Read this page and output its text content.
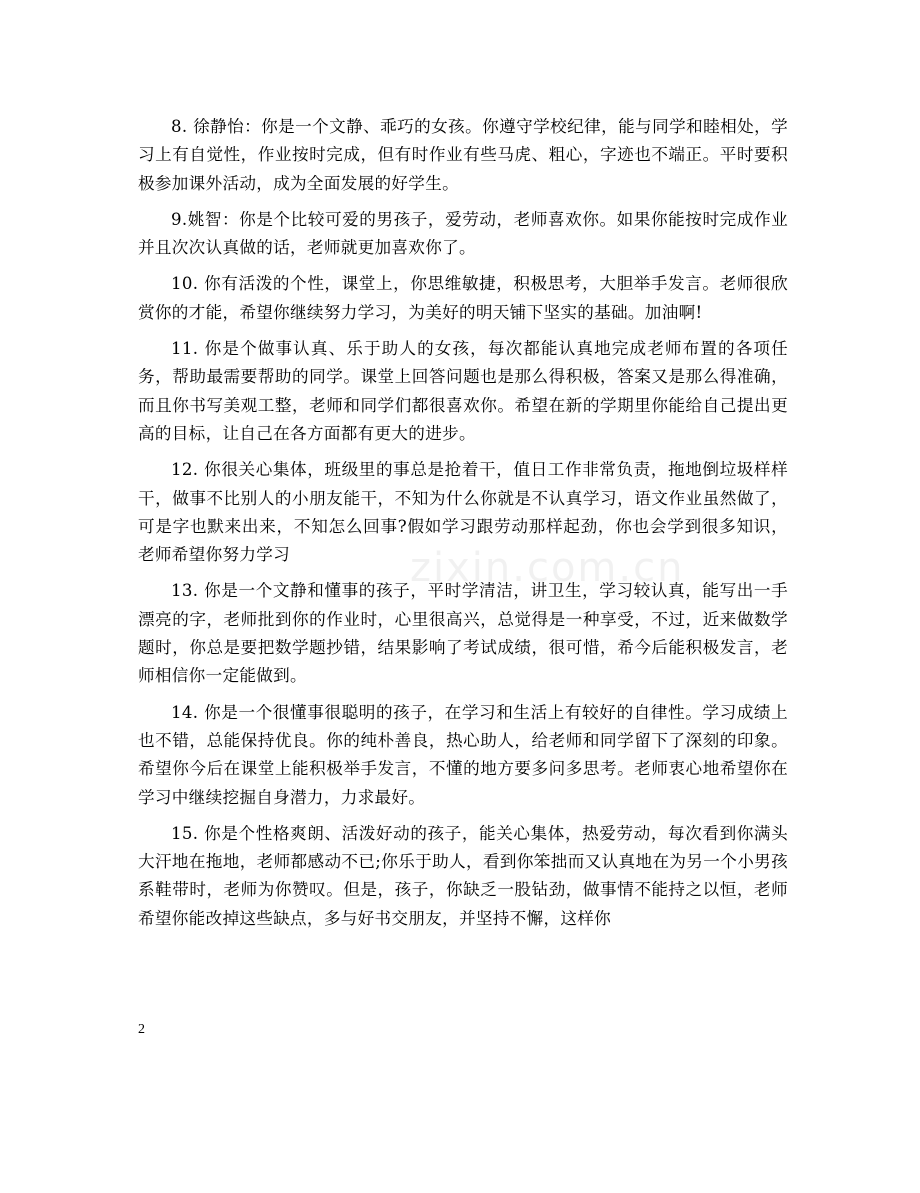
8. 徐静怡：你是一个文静、乖巧的女孩。你遵守学校纪律，能与同学和睦相处，学习上有自觉性，作业按时完成，但有时作业有些马虎、粗心，字迹也不端正。平时要积极参加课外活动，成为全面发展的好学生。

9.姚智：你是个比较可爱的男孩子，爱劳动，老师喜欢你。如果你能按时完成作业并且次次认真做的话，老师就更加喜欢你了。

10. 你有活泼的个性，课堂上，你思维敏捷，积极思考，大胆举手发言。老师很欣赏你的才能，希望你继续努力学习，为美好的明天铺下坚实的基础。加油啊!

11. 你是个做事认真、乐于助人的女孩，每次都能认真地完成老师布置的各项任务，帮助最需要帮助的同学。课堂上回答问题也是那么得积极，答案又是那么得准确，而且你书写美观工整，老师和同学们都很喜欢你。希望在新的学期里你能给自己提出更高的目标，让自己在各方面都有更大的进步。

12. 你很关心集体，班级里的事总是抢着干，值日工作非常负责，拖地倒垃圾样样干，做事不比别人的小朋友能干，不知为什么你就是不认真学习，语文作业虽然做了，可是字也默来出来，不知怎么回事?假如学习跟劳动那样起劲，你也会学到很多知识，老师希望你努力学习

13. 你是一个文静和懂事的孩子，平时学清洁，讲卫生，学习较认真，能写出一手漂亮的字，老师批到你的作业时，心里很高兴，总觉得是一种享受，不过，近来做数学题时，你总是要把数学题抄错，结果影响了考试成绩，很可惜，希今后能积极发言，老师相信你一定能做到。

14. 你是一个很懂事很聪明的孩子，在学习和生活上有较好的自律性。学习成绩上也不错，总能保持优良。你的纯朴善良，热心助人，给老师和同学留下了深刻的印象。希望你今后在课堂上能积极举手发言，不懂的地方要多问多思考。老师衷心地希望你在学习中继续挖掘自身潜力，力求最好。

15. 你是个性格爽朗、活泼好动的孩子，能关心集体，热爱劳动，每次看到你满头大汗地在拖地，老师都感动不已;你乐于助人，看到你笨拙而又认真地在为另一个小男孩系鞋带时，老师为你赞叹。但是，孩子，你缺乏一股钻劲，做事情不能持之以恒，老师希望你能改掉这些缺点，多与好书交朋友，并坚持不懈，这样你

zixin.com.cn
2
